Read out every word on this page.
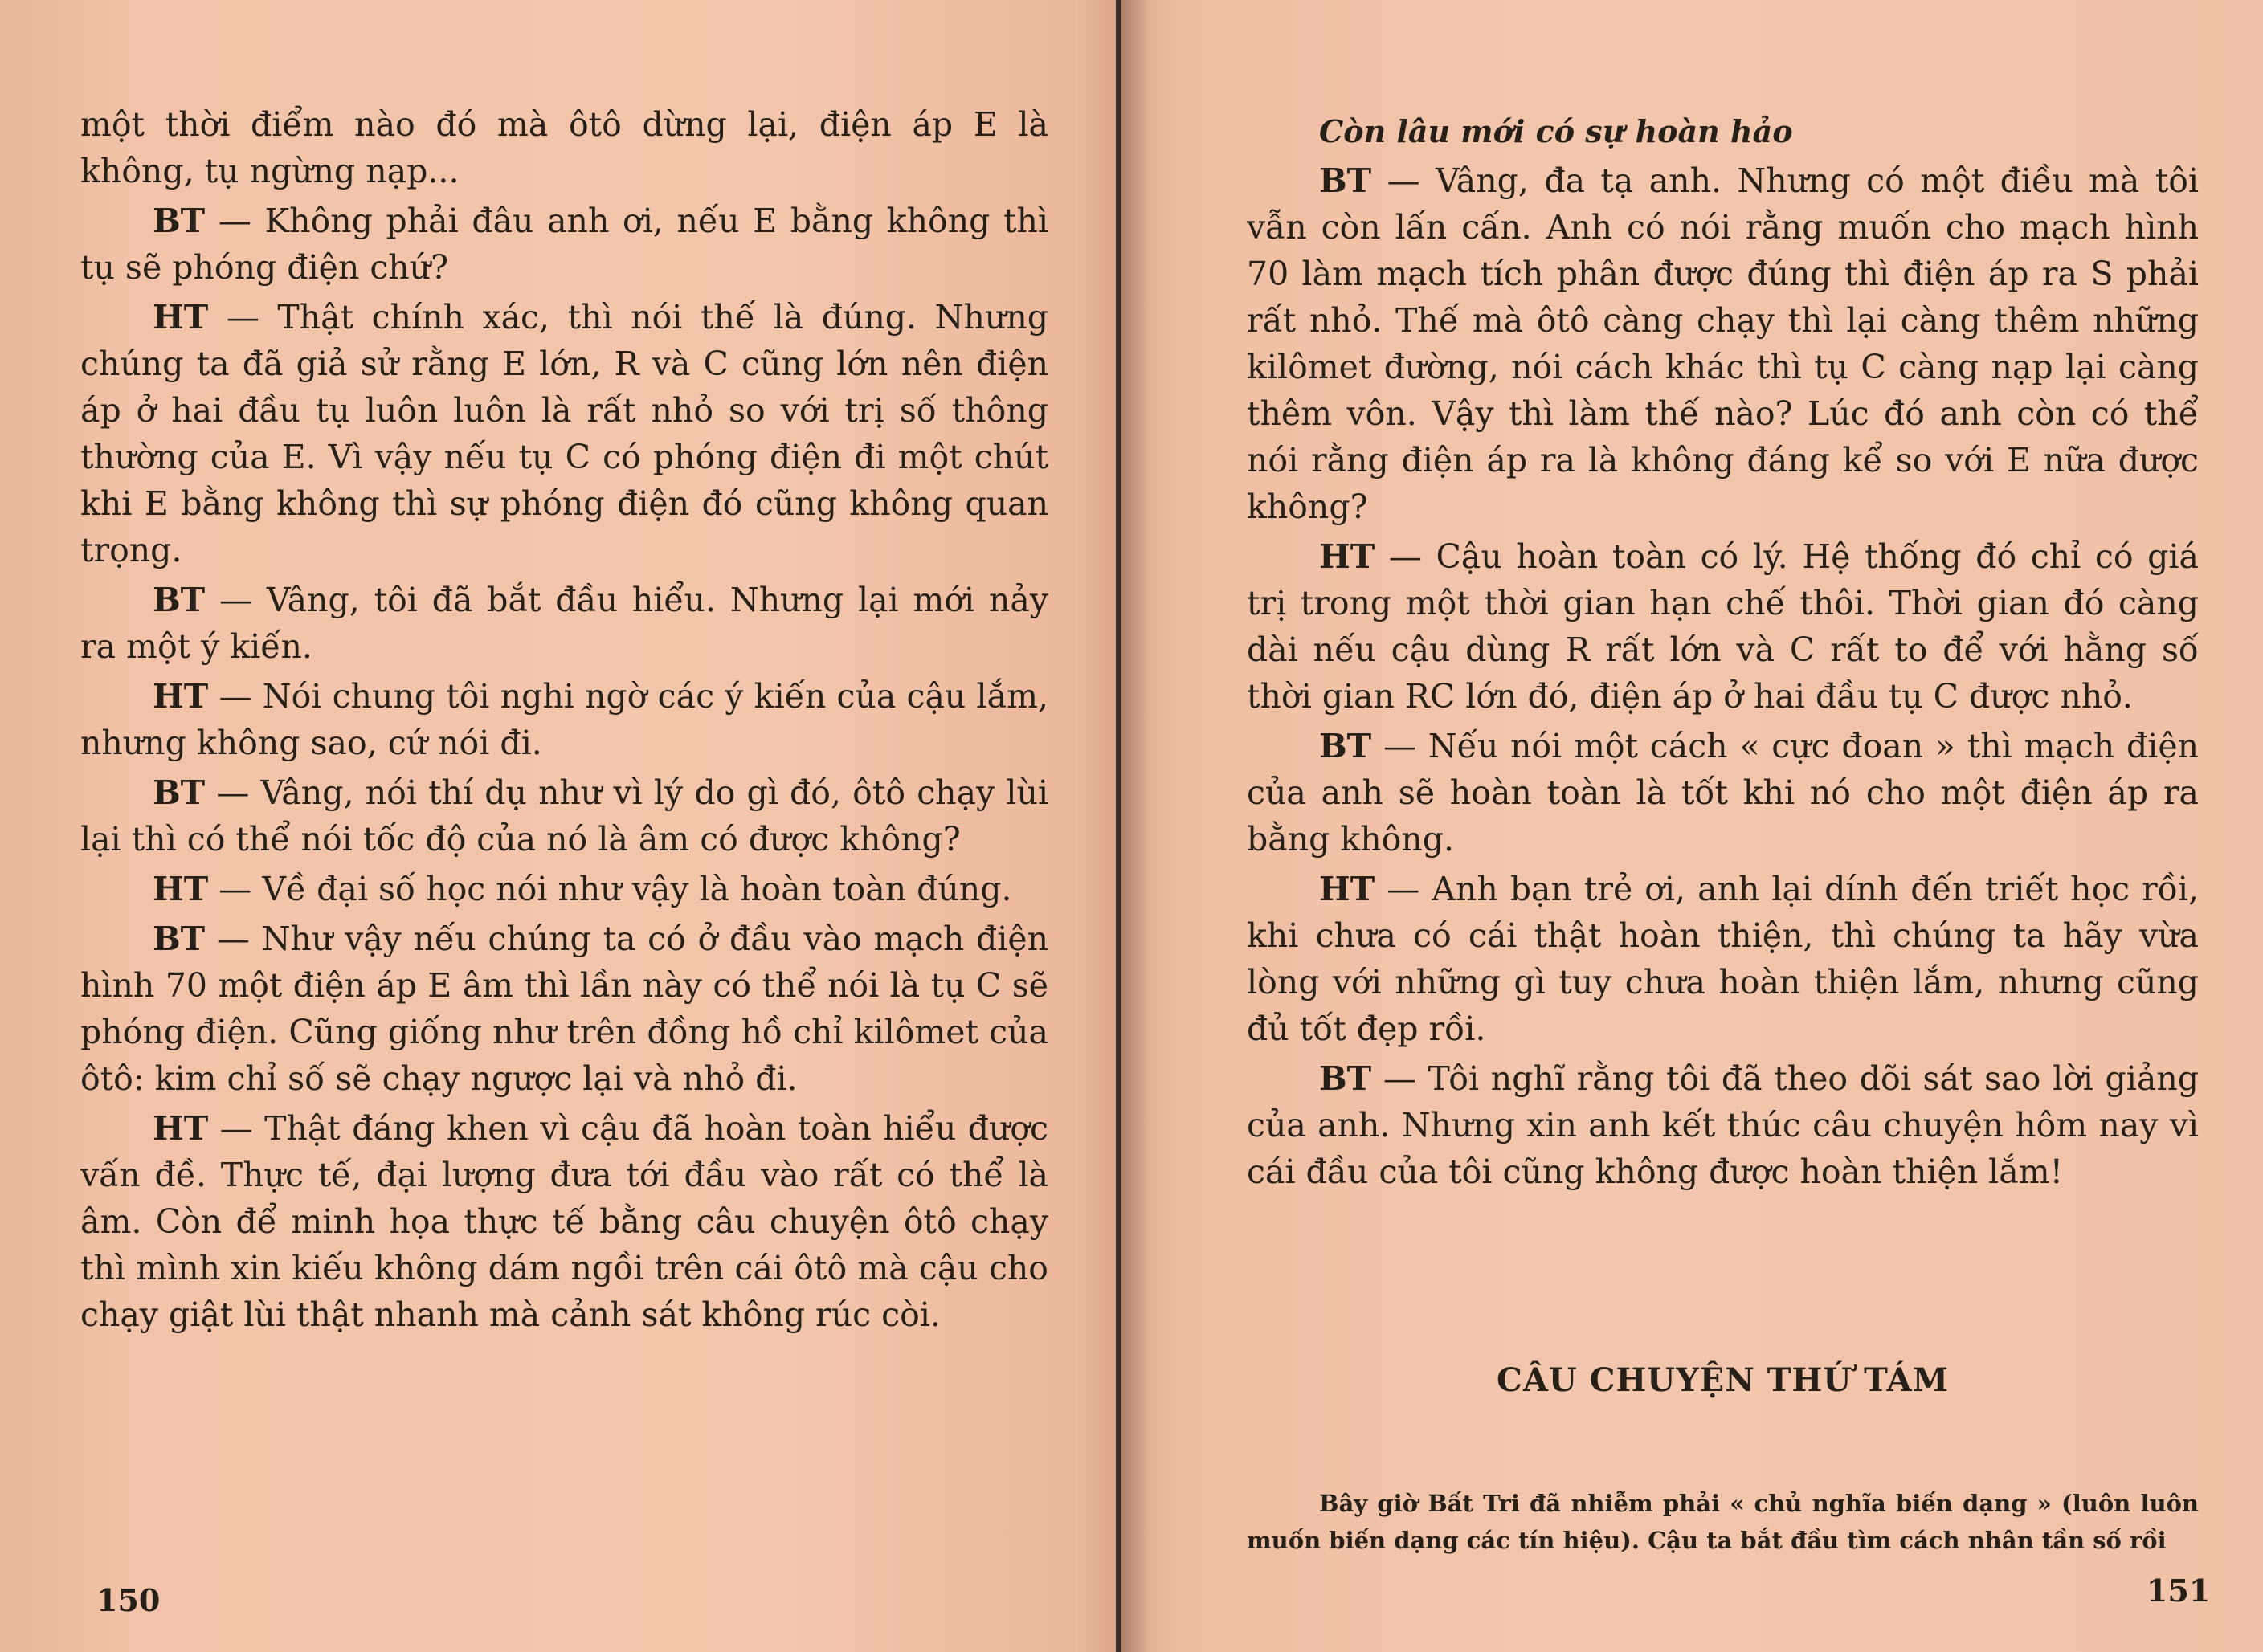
một thời điểm nào đó mà ôtô dừng lại, điện áp E là không, tụ ngừng nạp...

BT — Không phải đâu anh ơi, nếu E bằng không thì tụ sẽ phóng điện chứ?

HT — Thật chính xác, thì nói thế là đúng. Nhưng chúng ta đã giả sử rằng E lớn, R và C cũng lớn nên điện áp ở hai đầu tụ luôn luôn là rất nhỏ so với trị số thông thường của E. Vì vậy nếu tụ C có phóng điện đi một chút khi E bằng không thì sự phóng điện đó cũng không quan trọng.

BT — Vâng, tôi đã bắt đầu hiểu. Nhưng lại mới nảy ra một ý kiến.

HT — Nói chung tôi nghi ngờ các ý kiến của cậu lắm, nhưng không sao, cứ nói đi.

BT — Vâng, nói thí dụ như vì lý do gì đó, ôtô chạy lùi lại thì có thể nói tốc độ của nó là âm có được không?

HT — Về đại số học nói như vậy là hoàn toàn đúng.

BT — Như vậy nếu chúng ta có ở đầu vào mạch điện hình 70 một điện áp E âm thì lần này có thể nói là tụ C sẽ phóng điện. Cũng giống như trên đồng hồ chỉ kilômet của ôtô: kim chỉ số sẽ chạy ngược lại và nhỏ đi.

HT — Thật đáng khen vì cậu đã hoàn toàn hiểu được vấn đề. Thực tế, đại lượng đưa tới đầu vào rất có thể là âm. Còn để minh họa thực tế bằng câu chuyện ôtô chạy thì mình xin kiếu không dám ngồi trên cái ôtô mà cậu cho chạy giật lùi thật nhanh mà cảnh sát không rúc còi.

150

Còn lâu mới có sự hoàn hảo

BT — Vâng, đa tạ anh. Nhưng có một điều mà tôi vẫn còn lấn cấn. Anh có nói rằng muốn cho mạch hình 70 làm mạch tích phân được đúng thì điện áp ra S phải rất nhỏ. Thế mà ôtô càng chạy thì lại càng thêm những kilômet đường, nói cách khác thì tụ C càng nạp lại càng thêm vôn. Vậy thì làm thế nào? Lúc đó anh còn có thể nói rằng điện áp ra là không đáng kể so với E nữa được không?

HT — Cậu hoàn toàn có lý. Hệ thống đó chỉ có giá trị trong một thời gian hạn chế thôi. Thời gian đó càng dài nếu cậu dùng R rất lớn và C rất to để với hằng số thời gian RC lớn đó, điện áp ở hai đầu tụ C được nhỏ.

BT — Nếu nói một cách « cực đoan » thì mạch điện của anh sẽ hoàn toàn là tốt khi nó cho một điện áp ra bằng không.

HT — Anh bạn trẻ ơi, anh lại dính đến triết học rồi, khi chưa có cái thật hoàn thiện, thì chúng ta hãy vừa lòng với những gì tuy chưa hoàn thiện lắm, nhưng cũng đủ tốt đẹp rồi.

BT — Tôi nghĩ rằng tôi đã theo dõi sát sao lời giảng của anh. Nhưng xin anh kết thúc câu chuyện hôm nay vì cái đầu của tôi cũng không được hoàn thiện lắm!

CÂU CHUYỆN THỨ TÁM

Bây giờ Bất Tri đã nhiễm phải « chủ nghĩa biến dạng » (luôn luôn muốn biến dạng các tín hiệu). Cậu ta bắt đầu tìm cách nhân tần số rồi

151
